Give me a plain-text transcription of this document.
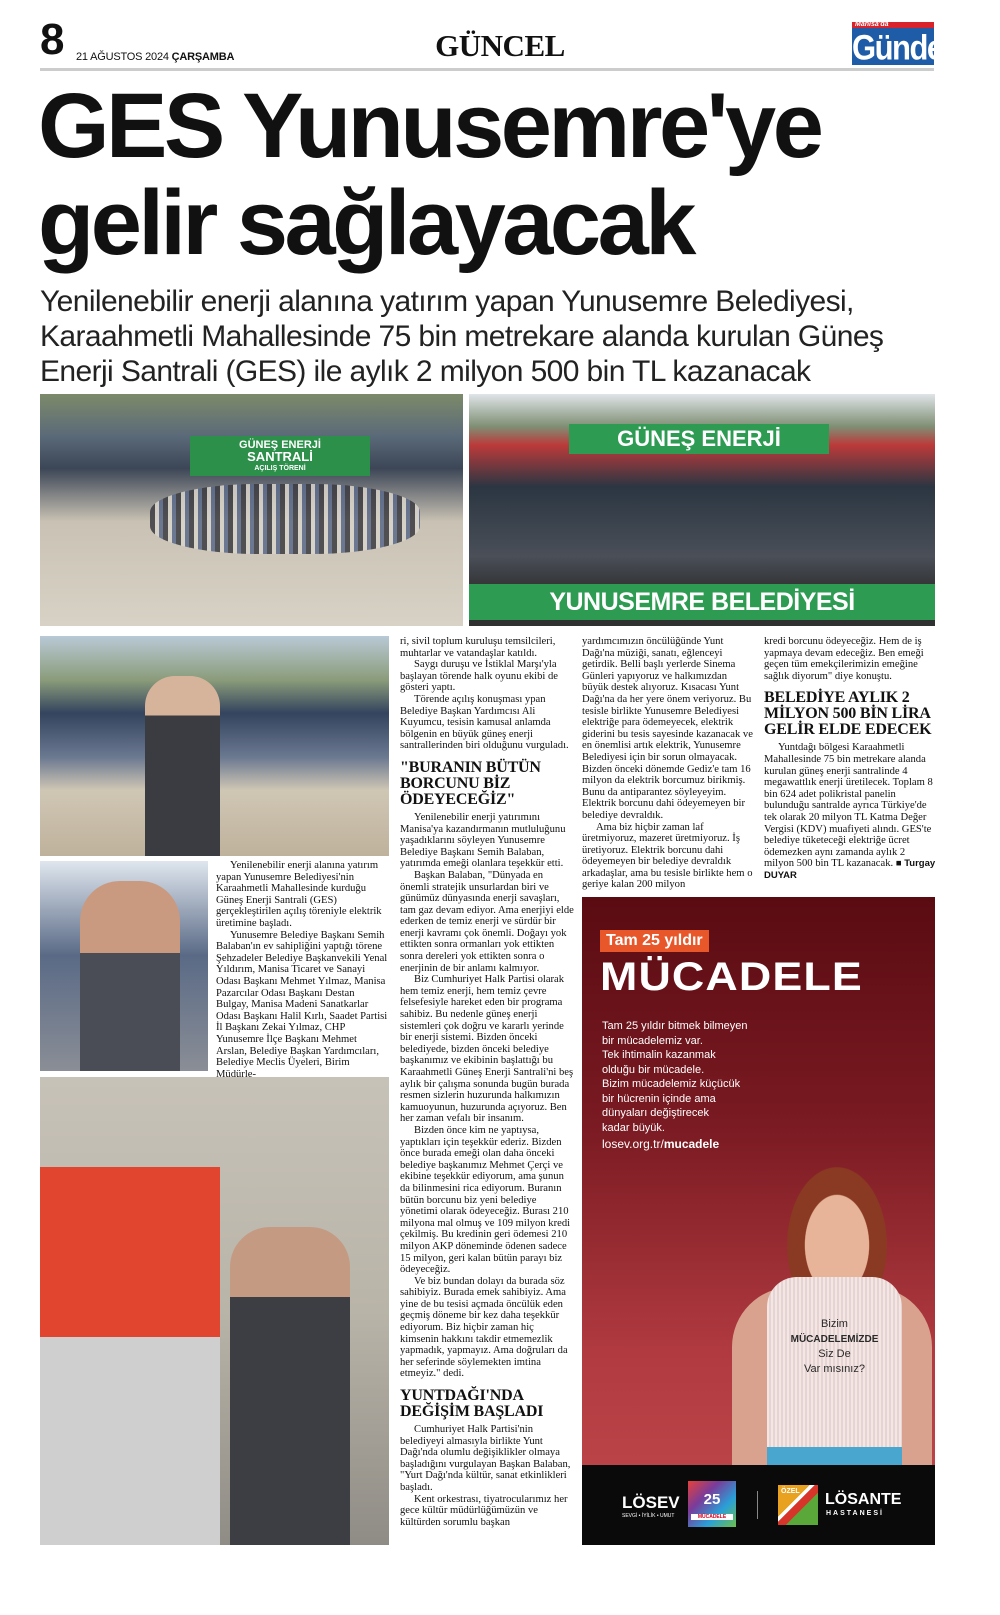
8 21 AĞUSTOS 2024 ÇARŞAMBA	GÜNCEL
Manisa'da
Gündem
GES Yunusemre'ye
gelir sağlayacak
Yenilenebilir enerji alanına yatırım yapan Yunusemre Belediyesi, Karaahmetli Mahallesinde 75 bin metrekare alanda kurulan Güneş Enerji Santrali (GES) ile aylık 2 milyon 500 bin TL kazanacak
GÜNEŞ ENERJİ
SANTRALİ
AÇILIŞ TÖRENİ
GÜNEŞ ENERJİ
YUNUSEMRE BELEDİYESİ

Yenilenebilir enerji alanına yatırım yapan Yunusemre Belediyesi'nin Karaahmetli Mahallesinde kurduğu Güneş Enerji Santrali (GES) gerçekleştirilen açılış töreniyle elektrik üretimine başladı.

Yunusemre Belediye Başkanı Semih Balaban'ın ev sahipliğini yaptığı törene Şehzadeler Belediye Başkanvekili Yenal Yıldırım, Manisa Ticaret ve Sanayi Odası Başkanı Mehmet Yılmaz, Manisa Pazarcılar Odası Başkanı Destan Bulgay, Manisa Madeni Sanatkarlar Odası Başkanı Halil Kırlı, Saadet Partisi İl Başkanı Zekai Yılmaz, CHP Yunusemre İlçe Başkanı Mehmet Arslan, Belediye Başkan Yardımcıları, Belediye Meclis Üyeleri, Birim Müdürle-

ri, sivil toplum kuruluşu temsilcileri, muhtarlar ve vatandaşlar katıldı.

Saygı duruşu ve İstiklal Marşı'yla başlayan törende halk oyunu ekibi de gösteri yaptı.

Törende açılış konuşması ypan Belediye Başkan Yardımcısı Ali Kuyumcu, tesisin kamusal anlamda bölgenin en büyük güneş enerji santrallerinden biri olduğunu vurguladı.

"BURANIN BÜTÜN BORCUNU BİZ ÖDEYECEĞİZ"

Yenilenebilir enerji yatırımını Manisa'ya kazandırmanın mutluluğunu yaşadıklarını söyleyen Yunusemre Belediye Başkanı Semih Balaban, yatırımda emeği olanlara teşekkür etti.

Başkan Balaban, "Dünyada en önemli stratejik unsurlardan biri ve günümüz dünyasında enerji savaşları, tam gaz devam ediyor. Ama enerjiyi elde ederken de temiz enerji ve sürdür bir enerji kavramı çok önemli. Doğayı yok ettikten sonra ormanları yok ettikten sonra dereleri yok ettikten sonra o enerjinin de bir anlamı kalmıyor.

Biz Cumhuriyet Halk Partisi olarak hem temiz enerji, hem temiz çevre felsefesiyle hareket eden bir programa sahibiz. Bu nedenle güneş enerji sistemleri çok doğru ve kararlı yerinde bir enerji sistemi. Bizden önceki belediyede, bizden önceki belediye başkanımız ve ekibinin başlattığı bu Karaahmetli Güneş Enerji Santrali'ni beş aylık bir çalışma sonunda bugün burada resmen sizlerin huzurunda halkımızın kamuoyunun, huzurunda açıyoruz. Ben her zaman vefalı bir insanım.

Bizden önce kim ne yaptıysa, yaptıkları için teşekkür ederiz. Bizden önce burada emeği olan daha önceki belediye başkanımız Mehmet Çerçi ve ekibine teşekkür ediyorum, ama şunun da bilinmesini rica ediyorum. Buranın bütün borcunu biz yeni belediye yönetimi olarak ödeyeceğiz. Burası 210 milyona mal olmuş ve 109 milyon kredi çekilmiş. Bu kredinin geri ödemesi 210 milyon AKP döneminde ödenen sadece 15 milyon, geri kalan bütün parayı biz ödeyeceğiz.

Ve biz bundan dolayı da burada söz sahibiyiz. Burada emek sahibiyiz. Ama yine de bu tesisi açmada öncülük eden geçmiş döneme bir kez daha teşekkür ediyorum. Biz hiçbir zaman hiç kimsenin hakkını takdir etmemezlik yapmadık, yapmayız. Ama doğruları da her seferinde söylemekten imtina etmeyiz." dedi.

YUNTDAĞI'NDA DEĞİŞİM BAŞLADI

Cumhuriyet Halk Partisi'nin belediyeyi almasıyla birlikte Yunt Dağı'nda olumlu değişiklikler olmaya başladığını vurgulayan Başkan Balaban, "Yurt Dağı'nda kültür, sanat etkinlikleri başladı.

Kent orkestrası, tiyatrocularımız her gece kültür müdürlüğümüzün ve kültürden sorumlu başkan

yardımcımızın öncülüğünde Yunt Dağı'na müziği, sanatı, eğlenceyi getirdik. Belli başlı yerlerde Sinema Günleri yapıyoruz ve halkımızdan büyük destek alıyoruz. Kısacası Yunt Dağı'na da her yere önem veriyoruz. Bu tesisle birlikte Yunusemre Belediyesi elektriğe para ödemeyecek, elektrik giderini bu tesis sayesinde kazanacak ve en önemlisi artık elektrik, Yunusemre Belediyesi için bir sorun olmayacak. Bizden önceki dönemde Gediz'e tam 16 milyon da elektrik borcumuz birikmiş. Bunu da antiparantez söyleyeyim. Elektrik borcunu dahi ödeyemeyen bir belediye devraldık.

Ama biz hiçbir zaman laf üretmiyoruz, mazeret üretmiyoruz. İş üretiyoruz. Elektrik borcunu dahi ödeyemeyen bir belediye devraldık arkadaşlar, ama bu tesisle birlikte hem o geriye kalan 200 milyon

kredi borcunu ödeyeceğiz. Hem de iş yapmaya devam edeceğiz. Ben emeği geçen tüm emekçilerimizin emeğine sağlık diyorum" diye konuştu.

BELEDİYE AYLIK 2 MİLYON 500 BİN LİRA GELİR ELDE EDECEK

Yuntdağı bölgesi Karaahmetli Mahallesinde 75 bin metrekare alanda kurulan güneş enerji santralinde 4 megawattlık enerji üretilecek. Toplam 8 bin 624 adet polikristal panelin bulunduğu santralde ayrıca Türkiye'de tek olarak 20 milyon TL Katma Değer Vergisi (KDV) muafiyeti alındı. GES'te belediye tüketeceği elektriğe ücret ödemezken aynı zamanda aylık 2 milyon 500 bin TL kazanacak. ■ Turgay DUYAR

Tam 25 yıldır
MÜCADELE
Tam 25 yıldır bitmek bilmeyen
bir mücadelemiz var.
Tek ihtimalin kazanmak
olduğu bir mücadele.
Bizim mücadelemiz küçücük
bir hücrenin içinde ama
dünyaları değiştirecek
kadar büyük.
losev.org.tr/mucadele
Bizim
MÜCADELEMİZDE
Siz De
Var mısınız?
LÖSEV
SEVGİ • İYİLİK • UMUT
25
MÜCADELE
ÖZEL LÖSANTE
HASTANESİ
